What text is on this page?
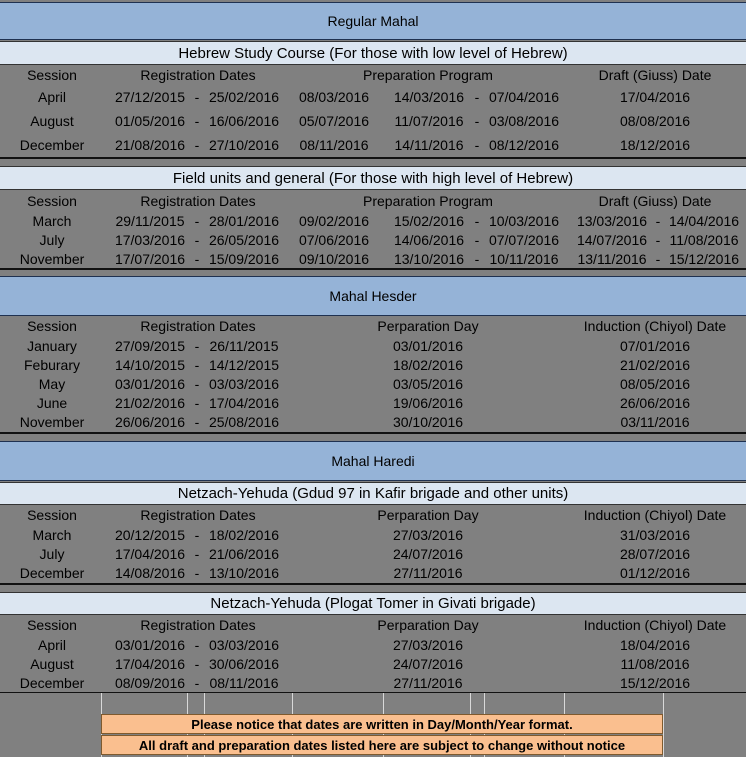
Regular Mahal
Hebrew Study Course (For those with low level of Hebrew)
Session	Registration Dates	Preparation Program	Draft (Giuss) Date
April	27/12/2015 - 25/02/2016	08/03/2016	14/03/2016 - 07/04/2016	17/04/2016
August	01/05/2016 - 16/06/2016	05/07/2016	11/07/2016 - 03/08/2016	08/08/2016
December	21/08/2016 - 27/10/2016	08/11/2016	14/11/2016 - 08/12/2016	18/12/2016
Field units and general (For those with high level of Hebrew)
Session	Registration Dates	Preparation Program	Draft (Giuss) Date
March	29/11/2015 - 28/01/2016	09/02/2016	15/02/2016 - 10/03/2016	13/03/2016 - 14/04/2016
July	17/03/2016 - 26/05/2016	07/06/2016	14/06/2016 - 07/07/2016	14/07/2016 - 11/08/2016
November	17/07/2016 - 15/09/2016	09/10/2016	13/10/2016 - 10/11/2016	13/11/2016 - 15/12/2016
Mahal Hesder
Session	Registration Dates	Perparation Day	Induction (Chiyol) Date
January	27/09/2015 - 26/11/2015	03/01/2016	07/01/2016
Feburary	14/10/2015 - 14/12/2015	18/02/2016	21/02/2016
May	03/01/2016 - 03/03/2016	03/05/2016	08/05/2016
June	21/02/2016 - 17/04/2016	19/06/2016	26/06/2016
November	26/06/2016 - 25/08/2016	30/10/2016	03/11/2016
Mahal Haredi
Netzach-Yehuda (Gdud 97 in Kafir brigade and other units)
Session	Registration Dates	Perparation Day	Induction (Chiyol) Date
March	20/12/2015 - 18/02/2016	27/03/2016	31/03/2016
July	17/04/2016 - 21/06/2016	24/07/2016	28/07/2016
December	14/08/2016 - 13/10/2016	27/11/2016	01/12/2016
Netzach-Yehuda (Plogat Tomer in Givati brigade)
Session	Registration Dates	Perparation Day	Induction (Chiyol) Date
April	03/01/2016 - 03/03/2016	27/03/2016	18/04/2016
August	17/04/2016 - 30/06/2016	24/07/2016	11/08/2016
December	08/09/2016 - 08/11/2016	27/11/2016	15/12/2016
Please notice that dates are written in Day/Month/Year format.
All draft and preparation dates listed here are subject to change without notice
